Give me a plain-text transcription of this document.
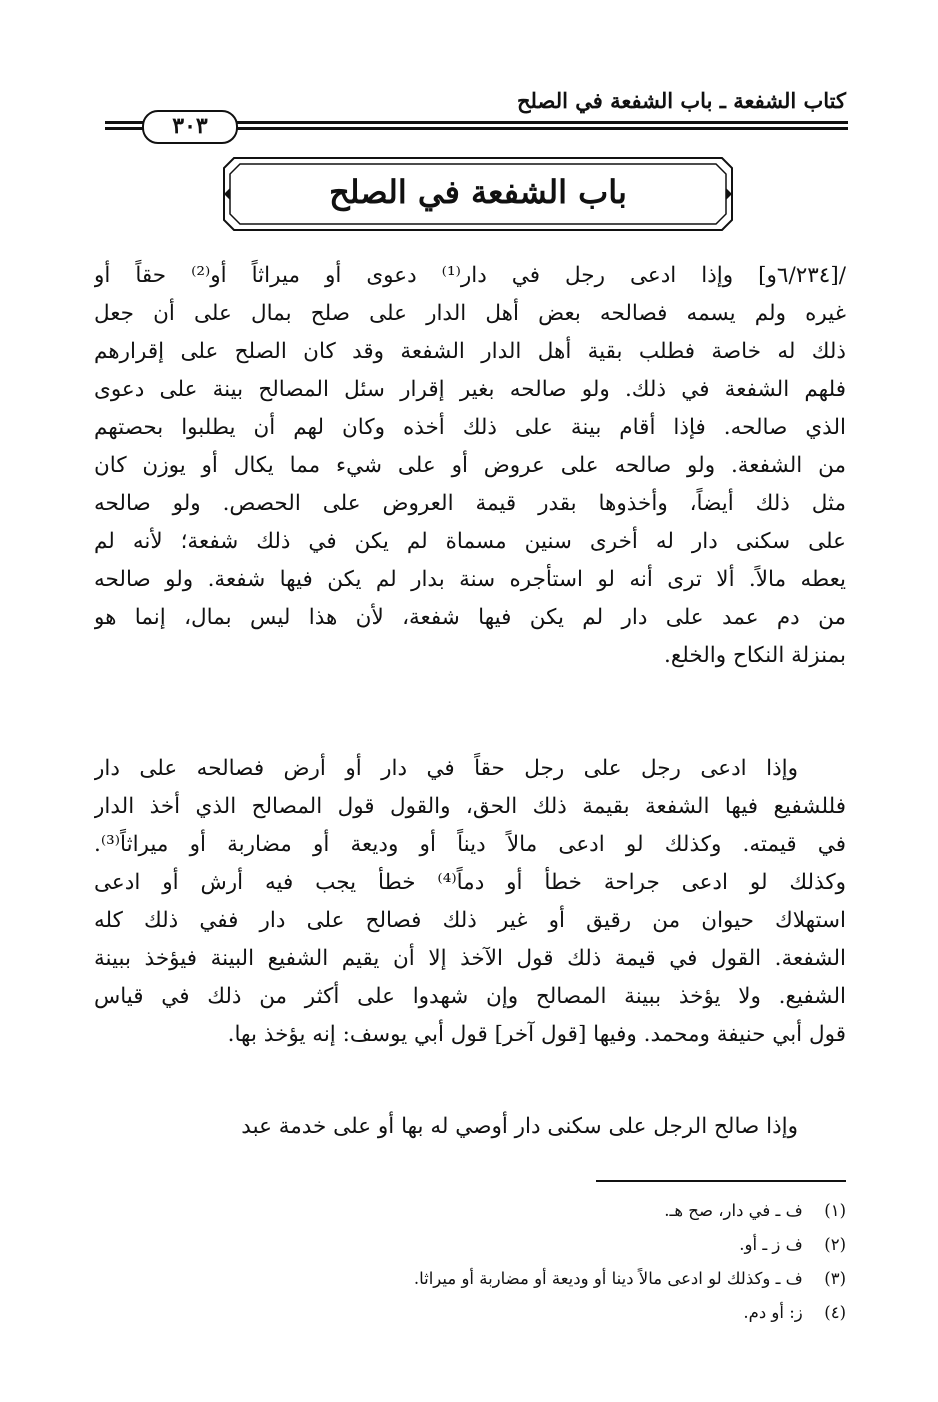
كتاب الشفعة ـ باب الشفعة في الصلح
٣٠٣
باب الشفعة في الصلح
/[٦/٢٣٤و] وإذا ادعى رجل في دار⁽¹⁾ دعوى أو ميراثاً أو⁽²⁾ حقاً أو
غيره ولم يسمه فصالحه بعض أهل الدار على صلح بمال على أن جعل
ذلك له خاصة فطلب بقية أهل الدار الشفعة وقد كان الصلح على إقرارهم
فلهم الشفعة في ذلك. ولو صالحه بغير إقرار سئل المصالح بينة على دعوى
الذي صالحه. فإذا أقام بينة على ذلك أخذه وكان لهم أن يطلبوا بحصتهم
من الشفعة. ولو صالحه على عروض أو على شيء مما يكال أو يوزن كان
مثل ذلك أيضاً، وأخذوها بقدر قيمة العروض على الحصص. ولو صالحه
على سكنى دار له أخرى سنين مسماة لم يكن في ذلك شفعة؛ لأنه لم
يعطه مالاً. ألا ترى أنه لو استأجره سنة بدار لم يكن فيها شفعة. ولو صالحه
من دم عمد على دار لم يكن فيها شفعة، لأن هذا ليس بمال، إنما هو
بمنزلة النكاح والخلع.
وإذا ادعى رجل على رجل حقاً في دار أو أرض فصالحه على دار
فللشفيع فيها الشفعة بقيمة ذلك الحق، والقول قول المصالح الذي أخذ الدار
في قيمته. وكذلك لو ادعى مالاً ديناً أو وديعة أو مضاربة أو ميراثاً⁽³⁾.
وكذلك لو ادعى جراحة خطأ أو دماً⁽⁴⁾ خطأ يجب فيه أرش أو ادعى
استهلاك حيوان من رقيق أو غير ذلك فصالح على دار ففي ذلك كله
الشفعة. القول في قيمة ذلك قول الآخذ إلا أن يقيم الشفيع البينة فيؤخذ ببينة
الشفيع. ولا يؤخذ ببينة المصالح وإن شهدوا على أكثر من ذلك في قياس
قول أبي حنيفة ومحمد. وفيها [قول آخر] قول أبي يوسف: إنه يؤخذ بها.
وإذا صالح الرجل على سكنى دار أوصي له بها أو على خدمة عبد
(١) ف ـ في دار، صح هـ.
(٢) ف ز ـ أو.
(٣) ف ـ وكذلك لو ادعى مالاً دينا أو وديعة أو مضاربة أو ميراثا.
(٤) ز: أو دم.
